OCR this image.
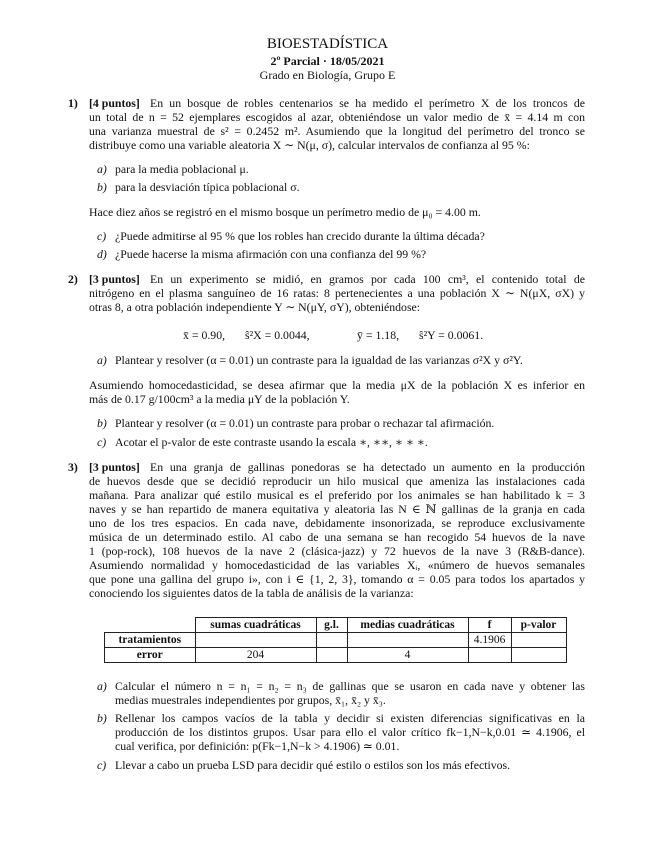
BIOESTADÍSTICA
2º Parcial · 18/05/2021
Grado en Biología, Grupo E
1) [4 puntos] En un bosque de robles centenarios se ha medido el perímetro X de los troncos de
un total de n = 52 ejemplares escogidos al azar, obteniéndose un valor medio de x̄ = 4.14 m con
una varianza muestral de s² = 0.2452 m². Asumiendo que la longitud del perímetro del tronco se
distribuye como una variable aleatoria X ∼ N(μ, σ), calcular intervalos de confianza al 95 %:
a) para la media poblacional μ.
b) para la desviación típica poblacional σ.
Hace diez años se registró en el mismo bosque un perímetro medio de μ₀ = 4.00 m.
c) ¿Puede admitirse al 95 % que los robles han crecido durante la última década?
d) ¿Puede hacerse la misma afirmación con una confianza del 99 %?
2) [3 puntos] En un experimento se midió, en gramos por cada 100 cm³, el contenido total de
nitrógeno en el plasma sanguíneo de 16 ratas: 8 pertenecientes a una población X ∼ N(μX, σX) y
otras 8, a otra población independiente Y ∼ N(μY, σY), obteniéndose:
x̄ = 0.90, ŝ²X = 0.0044,	ȳ = 1.18, ŝ²Y = 0.0061.
a) Plantear y resolver (α = 0.01) un contraste para la igualdad de las varianzas σ²X y σ²Y.
Asumiendo homocedasticidad, se desea afirmar que la media μX de la población X es inferior en
más de 0.17 g/100cm³ a la media μY de la población Y.
b) Plantear y resolver (α = 0.01) un contraste para probar o rechazar tal afirmación.
c) Acotar el p-valor de este contraste usando la escala ∗, ∗∗, ∗ ∗ ∗.
3) [3 puntos] En una granja de gallinas ponedoras se ha detectado un aumento en la producción
de huevos desde que se decidió reproducir un hilo musical que ameniza las instalaciones cada
mañana. Para analizar qué estilo musical es el preferido por los animales se han habilitado k = 3
naves y se han repartido de manera equitativa y aleatoria las N ∈ ℕ gallinas de la granja en cada
uno de los tres espacios. En cada nave, debidamente insonorizada, se reproduce exclusivamente
música de un determinado estilo. Al cabo de una semana se han recogido 54 huevos de la nave
1 (pop-rock), 108 huevos de la nave 2 (clásica-jazz) y 72 huevos de la nave 3 (R&B-dance).
Asumiendo normalidad y homocedasticidad de las variables Xᵢ, «número de huevos semanales
que pone una gallina del grupo i», con i ∈ {1, 2, 3}, tomando α = 0.05 para todos los apartados y
conociendo los siguientes datos de la tabla de análisis de la varianza:
	sumas cuadráticas	g.l.	medias cuadráticas	f	p-valor
tratamientos				4.1906	
error	204		4		
a) Calcular el número n = n₁ = n₂ = n₃ de gallinas que se usaron en cada nave y obtener las
medias muestrales independientes por grupos, x̄₁, x̄₂ y x̄₃.
b) Rellenar los campos vacíos de la tabla y decidir si existen diferencias significativas en la
producción de los distintos grupos. Usar para ello el valor crítico fk−1,N−k,0.01 ≃ 4.1906, el
cual verifica, por definición: p(Fk−1,N−k > 4.1906) ≃ 0.01.
c) Llevar a cabo un prueba LSD para decidir qué estilo o estilos son los más efectivos.
